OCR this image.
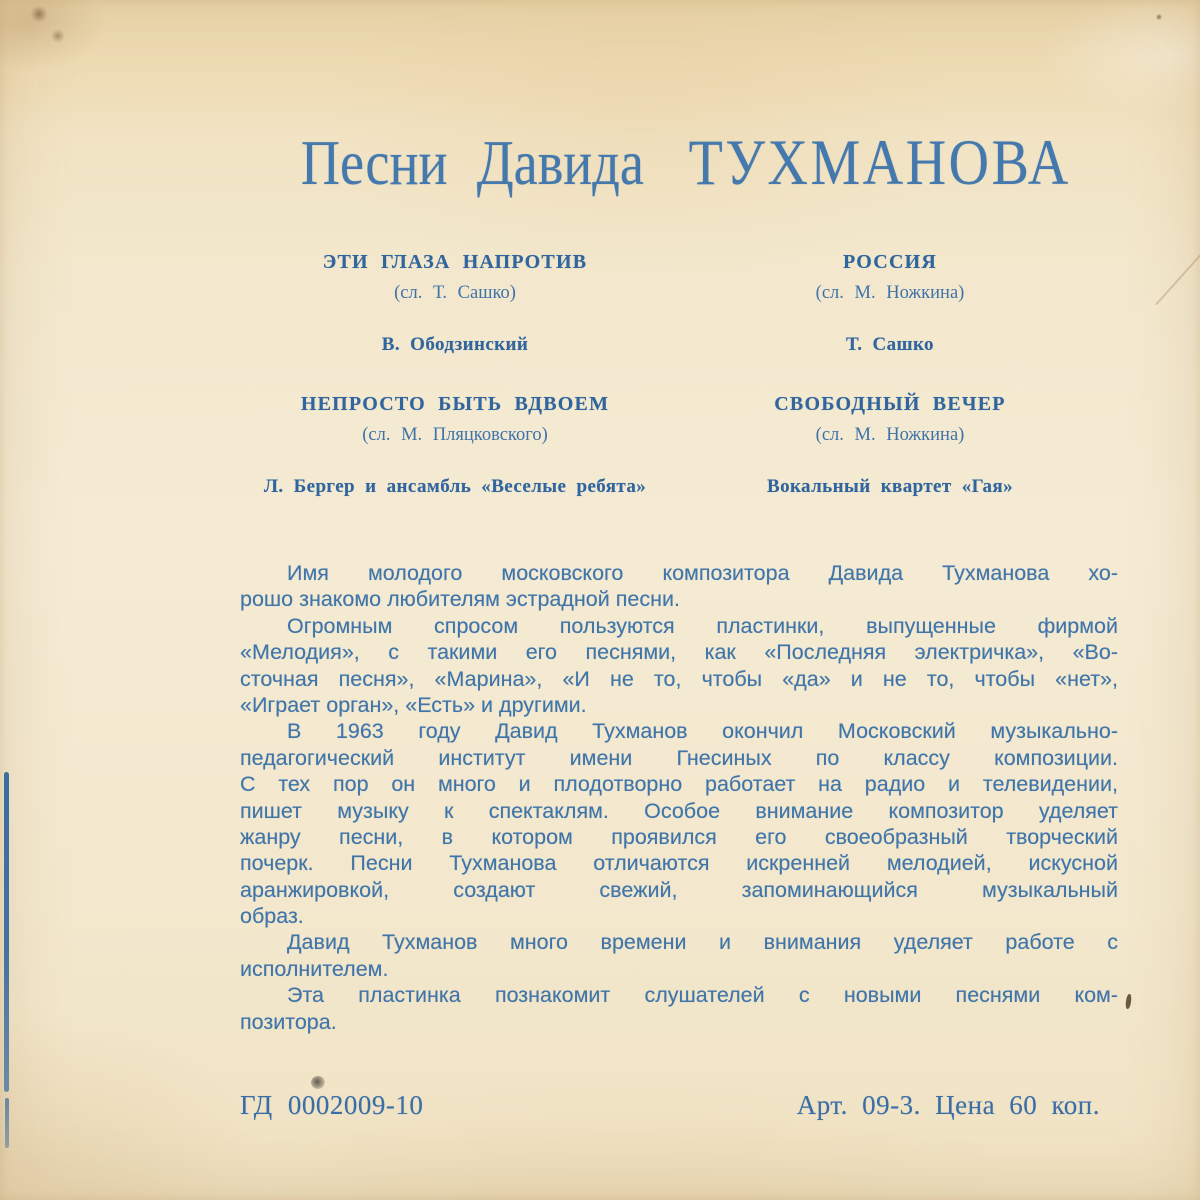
Песни Давида ТУХМАНОВА
ЭТИ ГЛАЗА НАПРОТИВ
(сл. Т. Сашко)
В. Ободзинский
НЕПРОСТО БЫТЬ ВДВОЕМ
(сл. М. Пляцковского)
Л. Бергер и ансамбль «Веселые ребята»
РОССИЯ
(сл. М. Ножкина)
Т. Сашко
СВОБОДНЫЙ ВЕЧЕР
(сл. М. Ножкина)
Вокальный квартет «Гая»
Имя молодого московского композитора Давида Тухманова хо-
рошо знакомо любителям эстрадной песни.
Огромным спросом пользуются пластинки, выпущенные фирмой
«Мелодия», с такими его песнями, как «Последняя электричка», «Во-
сточная песня», «Марина», «И не то, чтобы «да» и не то, чтобы «нет»,
«Играет орган», «Есть» и другими.
В 1963 году Давид Тухманов окончил Московский музыкально-
педагогический институт имени Гнесиных по классу композиции.
С тех пор он много и плодотворно работает на радио и телевидении,
пишет музыку к спектаклям. Особое внимание композитор уделяет
жанру песни, в котором проявился его своеобразный творческий
почерк. Песни Тухманова отличаются искренней мелодией, искусной
аранжировкой, создают свежий, запоминающийся музыкальный
образ.
Давид Тухманов много времени и внимания уделяет работе с
исполнителем.
Эта пластинка познакомит слушателей с новыми песнями ком-
позитора.
ГД 0002009-10	Арт. 09-3. Цена 60 коп.
